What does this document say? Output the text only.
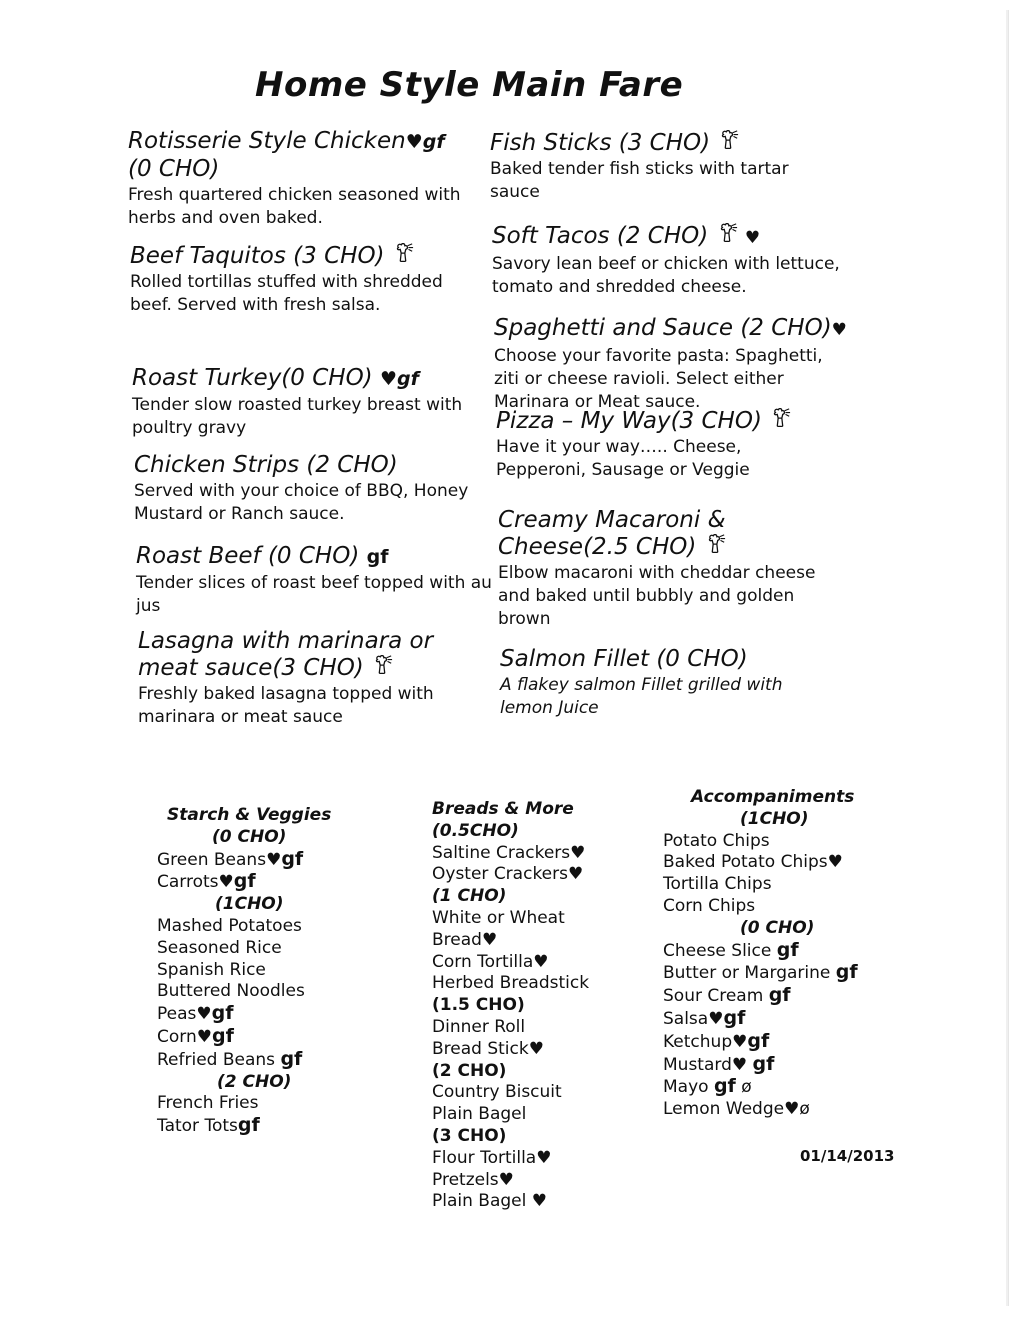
Home Style Main Fare
Rotisserie Style Chicken♥gf
(0 CHO)
Fresh quartered chicken seasoned with herbs and oven baked.
Beef Taquitos (3 CHO)
Rolled tortillas stuffed with shredded beef. Served with fresh salsa.
Roast Turkey(0 CHO) ♥gf
Tender slow roasted turkey breast with poultry gravy
Chicken Strips (2 CHO)
Served with your choice of BBQ, Honey Mustard or Ranch sauce.
Roast Beef (0 CHO) gf
Tender slices of roast beef topped with au jus
Lasagna with marinara or meat sauce(3 CHO)
Freshly baked lasagna topped with marinara or meat sauce
Fish Sticks (3 CHO)
Baked tender fish sticks with tartar sauce
Soft Tacos (2 CHO) ♥
Savory lean beef or chicken with lettuce, tomato and shredded cheese.
Spaghetti and Sauce (2 CHO)♥
Choose your favorite pasta: Spaghetti, ziti or cheese ravioli. Select either Marinara or Meat sauce.
Pizza – My Way(3 CHO)
Have it your way….. Cheese, Pepperoni, Sausage or Veggie
Creamy Macaroni & Cheese(2.5 CHO)
Elbow macaroni with cheddar cheese and baked until bubbly and golden brown
Salmon Fillet (0 CHO)
A flakey salmon Fillet grilled with lemon Juice
Starch & Veggies
(0 CHO)
Green Beans♥gf
Carrots♥gf
(1CHO)
Mashed Potatoes
Seasoned Rice
Spanish Rice
Buttered Noodles
Peas♥gf
Corn♥gf
Refried Beans gf
(2 CHO)
French Fries
Tator Totsgf
Breads & More
(0.5CHO)
Saltine Crackers♥
Oyster Crackers♥
(1 CHO)
White or Wheat
Bread♥
Corn Tortilla♥
Herbed Breadstick
(1.5 CHO)
Dinner Roll
Bread Stick♥
(2 CHO)
Country Biscuit
Plain Bagel
(3 CHO)
Flour Tortilla♥
Pretzels♥
Plain Bagel ♥
Accompaniments
(1CHO)
Potato Chips
Baked Potato Chips♥
Tortilla Chips
Corn Chips
(0 CHO)
Cheese Slice gf
Butter or Margarine gf
Sour Cream gf
Salsa♥gf
Ketchup♥gf
Mustard♥ gf
Mayo gf ø
Lemon Wedge♥ø
01/14/2013
